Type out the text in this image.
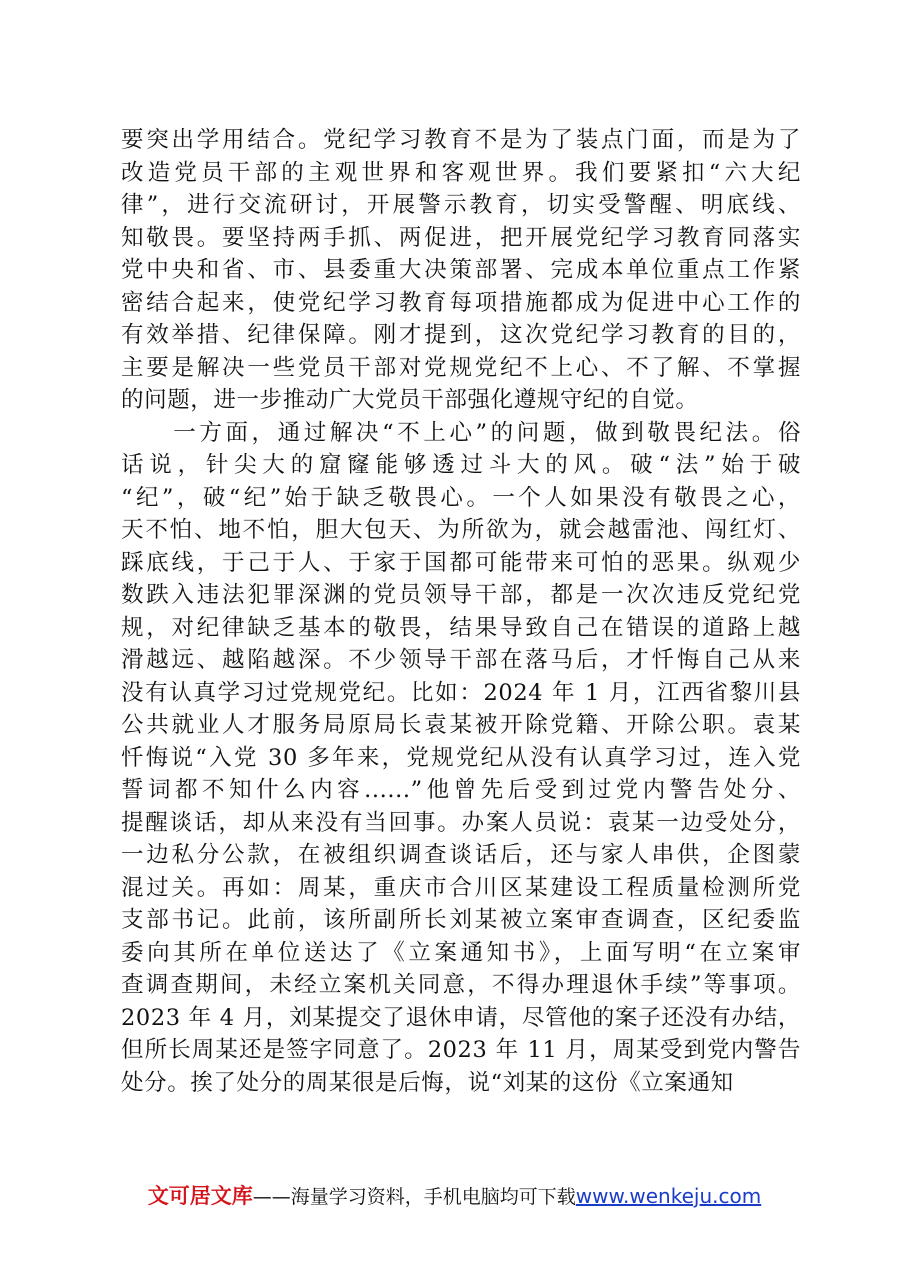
要突出学用结合。党纪学习教育不是为了装点门面，而是为了
改造党员干部的主观世界和客观世界。我们要紧扣“六大纪
律”，进行交流研讨，开展警示教育，切实受警醒、明底线、
知敬畏。要坚持两手抓、两促进，把开展党纪学习教育同落实
党中央和省、市、县委重大决策部署、完成本单位重点工作紧
密结合起来，使党纪学习教育每项措施都成为促进中心工作的
有效举措、纪律保障。刚才提到，这次党纪学习教育的目的，
主要是解决一些党员干部对党规党纪不上心、不了解、不掌握
的问题，进一步推动广大党员干部强化遵规守纪的自觉。
　　一方面，通过解决“不上心”的问题，做到敬畏纪法。俗
话说，针尖大的窟窿能够透过斗大的风。破“法”始于破
“纪”，破“纪”始于缺乏敬畏心。一个人如果没有敬畏之心，
天不怕、地不怕，胆大包天、为所欲为，就会越雷池、闯红灯、
踩底线，于己于人、于家于国都可能带来可怕的恶果。纵观少
数跌入违法犯罪深渊的党员领导干部，都是一次次违反党纪党
规，对纪律缺乏基本的敬畏，结果导致自己在错误的道路上越
滑越远、越陷越深。不少领导干部在落马后，才忏悔自己从来
没有认真学习过党规党纪。比如：2024 年 1 月，江西省黎川县
公共就业人才服务局原局长袁某被开除党籍、开除公职。袁某
忏悔说“入党 30 多年来，党规党纪从没有认真学习过，连入党
誓词都不知什么内容......”他曾先后受到过党内警告处分、
提醒谈话，却从来没有当回事。办案人员说：袁某一边受处分，
一边私分公款，在被组织调查谈话后，还与家人串供，企图蒙
混过关。再如：周某，重庆市合川区某建设工程质量检测所党
支部书记。此前，该所副所长刘某被立案审查调查，区纪委监
委向其所在单位送达了《立案通知书》，上面写明“在立案审
查调查期间，未经立案机关同意，不得办理退休手续”等事项。
2023 年 4 月，刘某提交了退休申请，尽管他的案子还没有办结，
但所长周某还是签字同意了。2023 年 11 月，周某受到党内警告
处分。挨了处分的周某很是后悔，说“刘某的这份《立案通知
文可居文库——海量学习资料，手机电脑均可下载www.wenkeju.com
